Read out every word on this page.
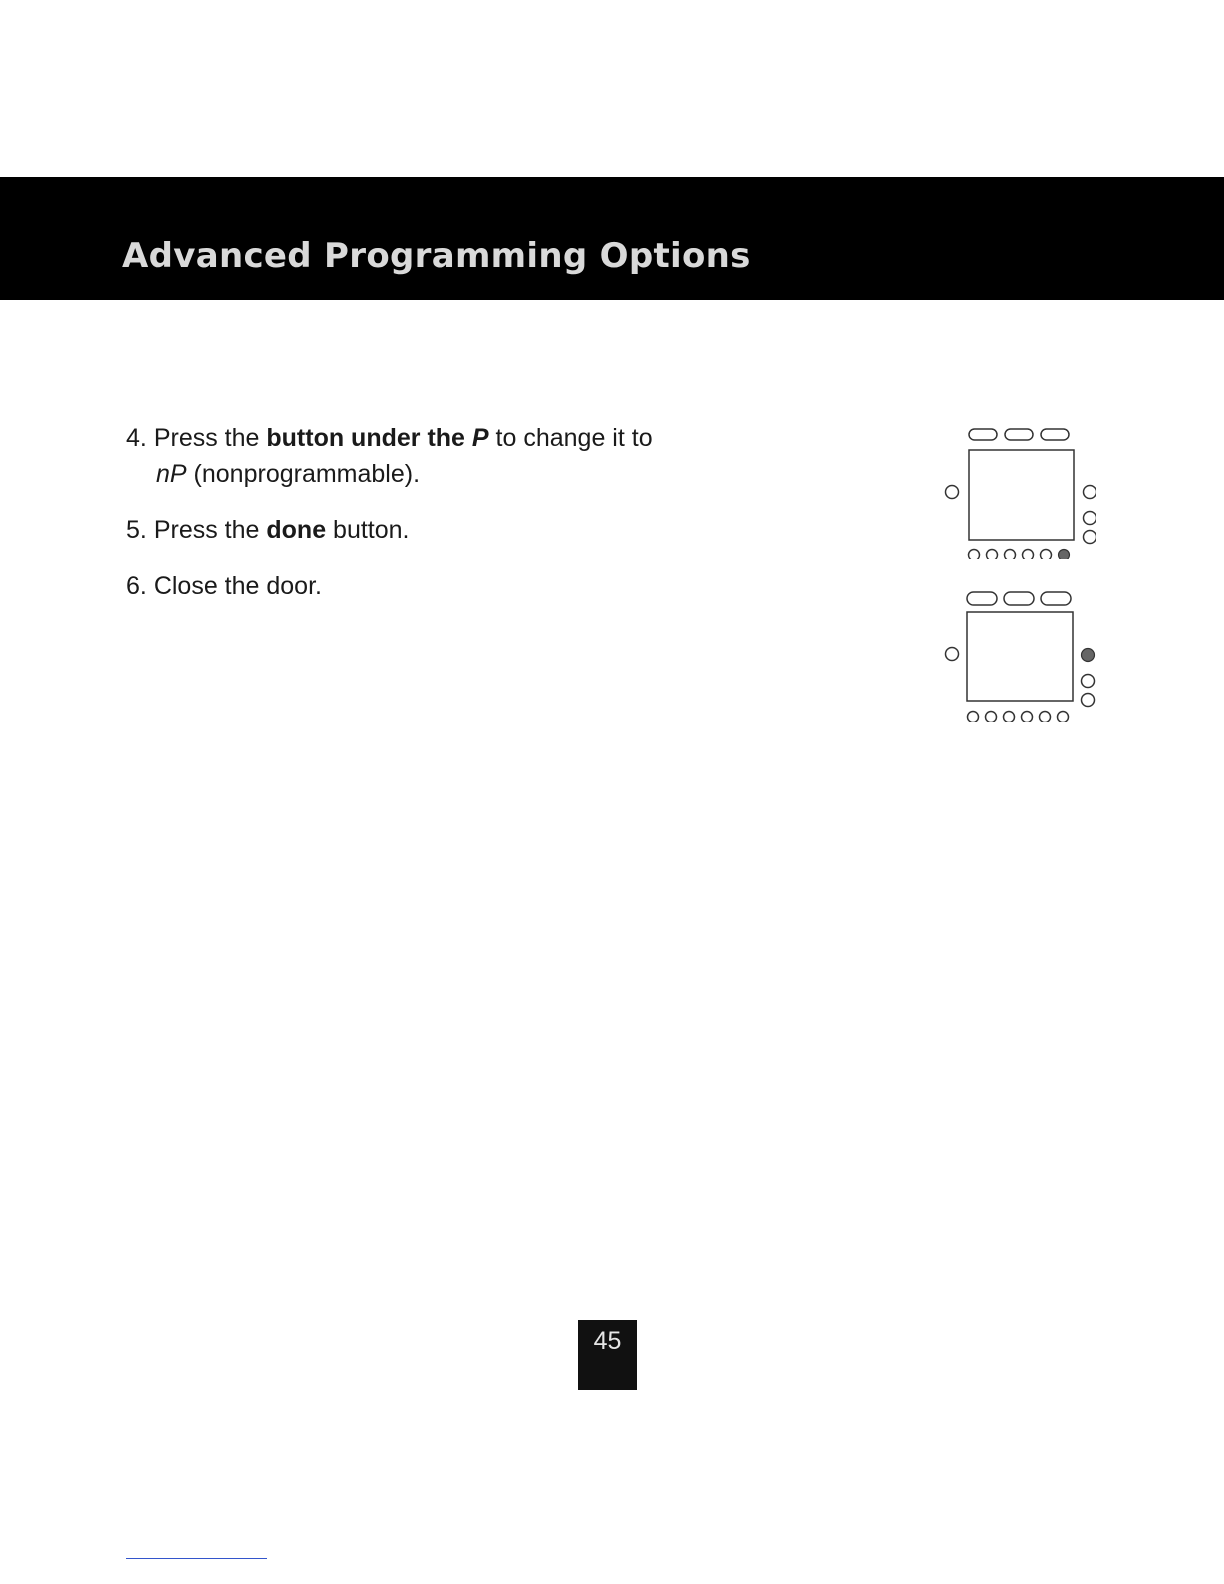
Advanced Programming Options

4. Press the button under the P to change it to

nP (nonprogrammable).

5. Press the done button.

6. Close the door.

45
